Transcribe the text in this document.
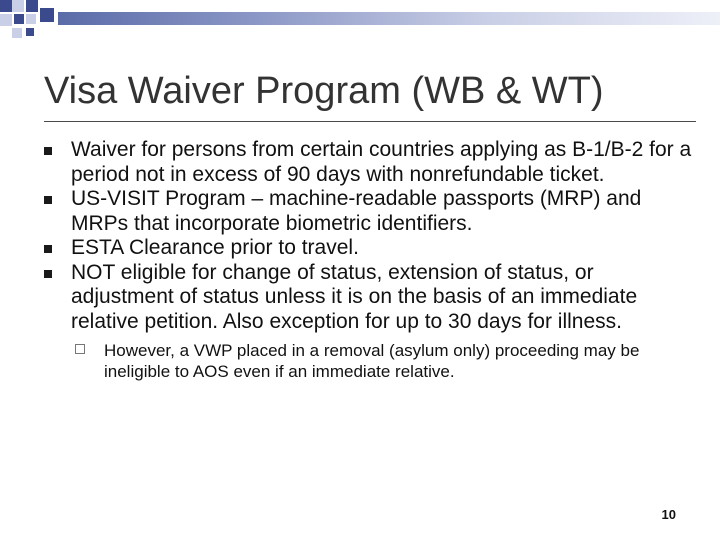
Visa Waiver Program (WB & WT)
Waiver for persons from certain countries applying as B-1/B-2 for a period not in excess of 90 days with nonrefundable ticket.
US-VISIT Program – machine-readable passports (MRP) and MRPs that incorporate biometric identifiers.
ESTA Clearance prior to travel.
NOT eligible for change of status, extension of status, or adjustment of status unless it is on the basis of an immediate relative petition. Also exception for up to 30 days for illness.
However, a VWP placed in a removal (asylum only) proceeding may be ineligible to AOS even if an immediate relative.
10
